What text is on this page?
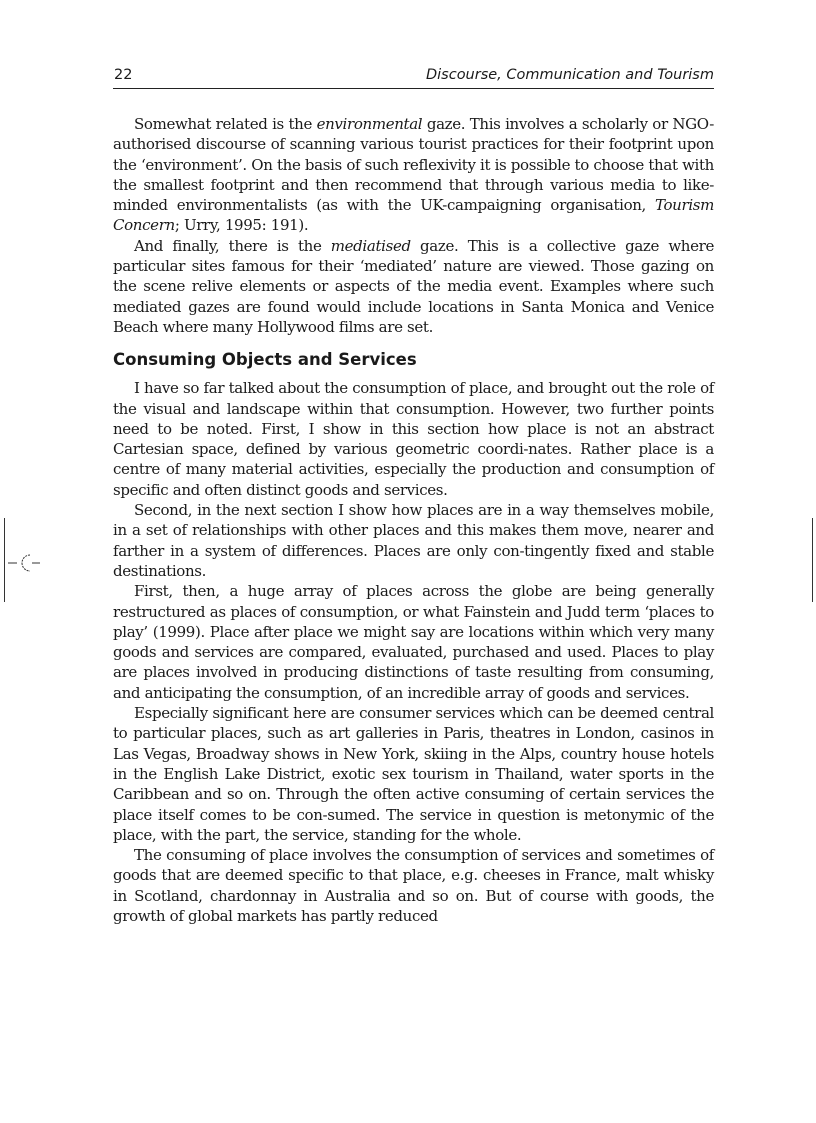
22	Discourse, Communication and Tourism

Somewhat related is the environmental gaze. This involves a scholarly or NGO-authorised discourse of scanning various tourist practices for their footprint upon the ‘environment’. On the basis of such reflexivity it is possible to choose that with the smallest footprint and then recommend that through various media to like-minded environmentalists (as with the UK-campaigning organisation, Tourism Concern; Urry, 1995: 191).

And finally, there is the mediatised gaze. This is a collective gaze where particular sites famous for their ‘mediated’ nature are viewed. Those gazing on the scene relive elements or aspects of the media event. Examples where such mediated gazes are found would include locations in Santa Monica and Venice Beach where many Hollywood films are set.

Consuming Objects and Services

I have so far talked about the consumption of place, and brought out the role of the visual and landscape within that consumption. However, two further points need to be noted. First, I show in this section how place is not an abstract Cartesian space, defined by various geometric coordi-nates. Rather place is a centre of many material activities, especially the production and consumption of specific and often distinct goods and services.

Second, in the next section I show how places are in a way themselves mobile, in a set of relationships with other places and this makes them move, nearer and farther in a system of differences. Places are only con-tingently fixed and stable destinations.

First, then, a huge array of places across the globe are being generally restructured as places of consumption, or what Fainstein and Judd term ‘places to play’ (1999). Place after place we might say are locations within which very many goods and services are compared, evaluated, purchased and used. Places to play are places involved in producing distinctions of taste resulting from consuming, and anticipating the consumption, of an incredible array of goods and services.

Especially significant here are consumer services which can be deemed central to particular places, such as art galleries in Paris, theatres in London, casinos in Las Vegas, Broadway shows in New York, skiing in the Alps, country house hotels in the English Lake District, exotic sex tourism in Thailand, water sports in the Caribbean and so on. Through the often active consuming of certain services the place itself comes to be con-sumed. The service in question is metonymic of the place, with the part, the service, standing for the whole.

The consuming of place involves the consumption of services and sometimes of goods that are deemed specific to that place, e.g. cheeses in France, malt whisky in Scotland, chardonnay in Australia and so on. But of course with goods, the growth of global markets has partly reduced
